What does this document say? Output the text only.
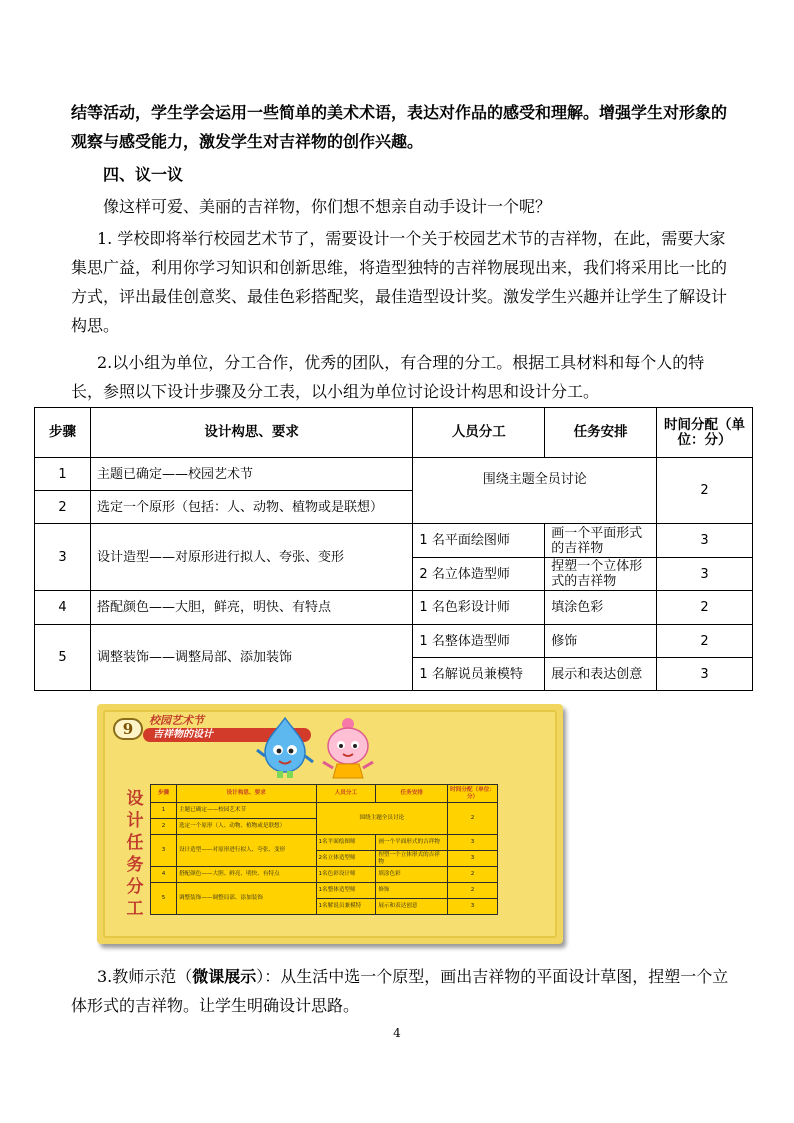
结等活动，学生学会运用一些简单的美术术语，表达对作品的感受和理解。增强学生对形象的观察与感受能力，激发学生对吉祥物的创作兴趣。
四、议一议
像这样可爱、美丽的吉祥物，你们想不想亲自动手设计一个呢？
1. 学校即将举行校园艺术节了，需要设计一个关于校园艺术节的吉祥物，在此，需要大家集思广益，利用你学习知识和创新思维，将造型独特的吉祥物展现出来，我们将采用比一比的方式，评出最佳创意奖、最佳色彩搭配奖，最佳造型设计奖。激发学生兴趣并让学生了解设计构思。
2.以小组为单位，分工合作，优秀的团队，有合理的分工。根据工具材料和每个人的特长，参照以下设计步骤及分工表，以小组为单位讨论设计构思和设计分工。
步骤	设计构思、要求	人员分工	任务安排	时间分配（单位：分）
1	主题已确定——校园艺术节	围绕主题全员讨论		2
2	选定一个原形（包括：人、动物、植物或是联想）			
3	设计造型——对原形进行拟人、夸张、变形	1 名平面绘图师	画一个平面形式的吉祥物	3
		2 名立体造型师	捏塑一个立体形式的吉祥物	3
4	搭配颜色——大胆，鲜亮，明快、有特点	1 名色彩设计师	填涂色彩	2
5	调整装饰——调整局部、添加装饰	1 名整体造型师	修饰	2
		1 名解说员兼模特	展示和表达创意	3
9	校园艺术节
吉祥物的设计
设计任务分工
步骤	设计构思、要求	人员分工	任务安排	时间分配（单位：分）
1	主题已确定——校园艺术节	围绕主题全员讨论		2
2	选定一个原形（人、动物、植物或是联想）			
3	设计造型——对原形进行拟人、夸张、变形	1名平面绘图师	画一个平面形式的吉祥物	3
		2名立体造型师	捏塑一个立体形式的吉祥物	3
4	搭配颜色——大胆、鲜亮、明快、有特点	1名色彩设计师	填涂色彩	2
5	调整装饰——调整局部、添加装饰	1名整体造型师	修饰	2
		1名解说员兼模特	展示和表达创意	3
3.教师示范（微课展示）：从生活中选一个原型，画出吉祥物的平面设计草图，捏塑一个立体形式的吉祥物。让学生明确设计思路。
4
